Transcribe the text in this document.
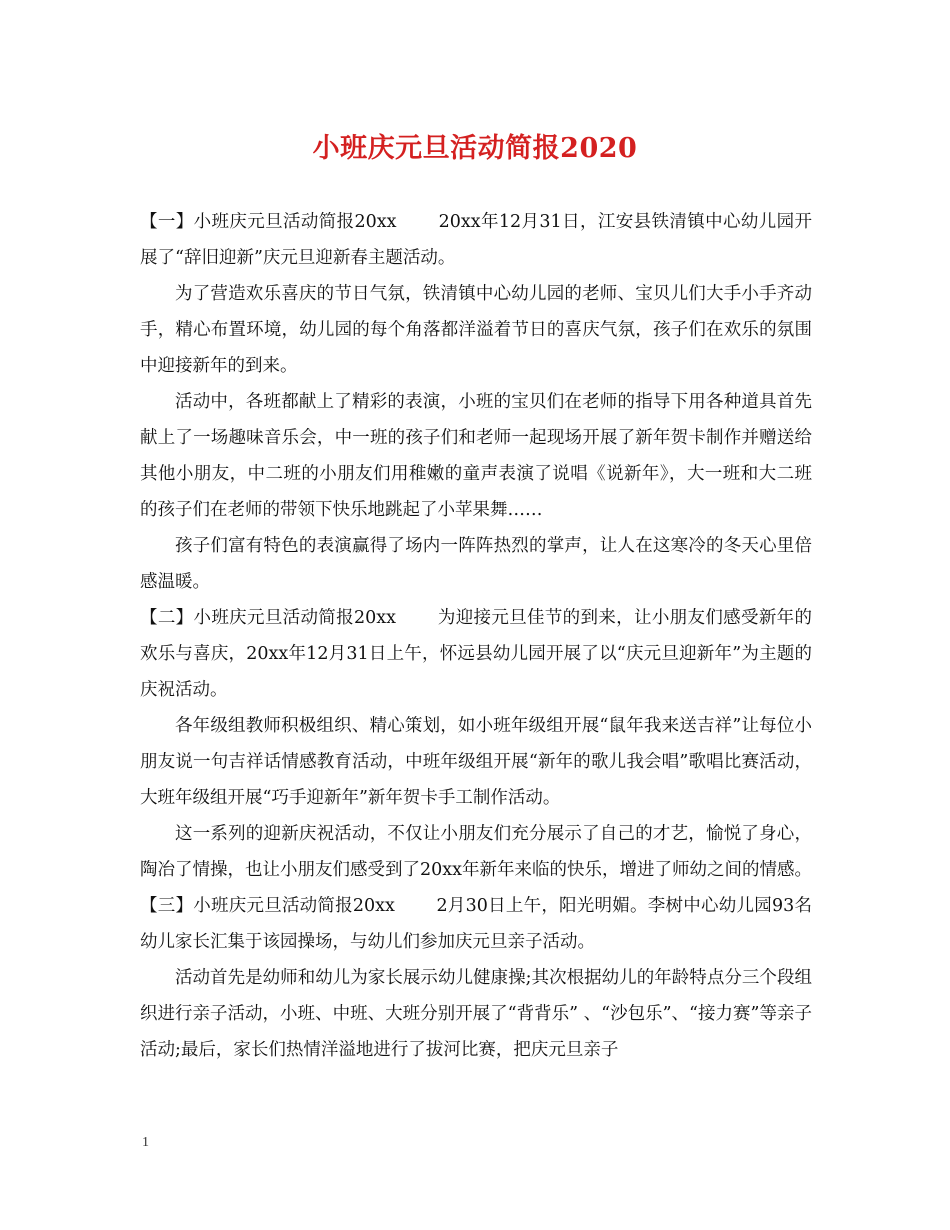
小班庆元旦活动简报2020

【一】小班庆元旦活动简报20xx　　 20xx年12月31日，江安县铁清镇中心幼儿园开展了“辞旧迎新”庆元旦迎新春主题活动。

为了营造欢乐喜庆的节日气氛，铁清镇中心幼儿园的老师、宝贝儿们大手小手齐动手，精心布置环境，幼儿园的每个角落都洋溢着节日的喜庆气氛，孩子们在欢乐的氛围中迎接新年的到来。

活动中，各班都献上了精彩的表演，小班的宝贝们在老师的指导下用各种道具首先献上了一场趣味音乐会，中一班的孩子们和老师一起现场开展了新年贺卡制作并赠送给其他小朋友，中二班的小朋友们用稚嫩的童声表演了说唱《说新年》，大一班和大二班的孩子们在老师的带领下快乐地跳起了小苹果舞……

孩子们富有特色的表演赢得了场内一阵阵热烈的掌声，让人在这寒冷的冬天心里倍感温暖。

【二】小班庆元旦活动简报20xx　　 为迎接元旦佳节的到来，让小朋友们感受新年的欢乐与喜庆，20xx年12月31日上午，怀远县幼儿园开展了以“庆元旦迎新年”为主题的庆祝活动。

各年级组教师积极组织、精心策划，如小班年级组开展“鼠年我来送吉祥”让每位小朋友说一句吉祥话情感教育活动，中班年级组开展“新年的歌儿我会唱”歌唱比赛活动，大班年级组开展“巧手迎新年”新年贺卡手工制作活动。

这一系列的迎新庆祝活动，不仅让小朋友们充分展示了自己的才艺，愉悦了身心，陶冶了情操，也让小朋友们感受到了20xx年新年来临的快乐，增进了师幼之间的情感。

【三】小班庆元旦活动简报20xx　　 2月30日上午，阳光明媚。李树中心幼儿园93名幼儿家长汇集于该园操场，与幼儿们参加庆元旦亲子活动。

活动首先是幼师和幼儿为家长展示幼儿健康操;其次根据幼儿的年龄特点分三个段组织进行亲子活动，小班、中班、大班分别开展了“背背乐” 、“沙包乐”、“接力赛”等亲子活动;最后，家长们热情洋溢地进行了拔河比赛，把庆元旦亲子

1
